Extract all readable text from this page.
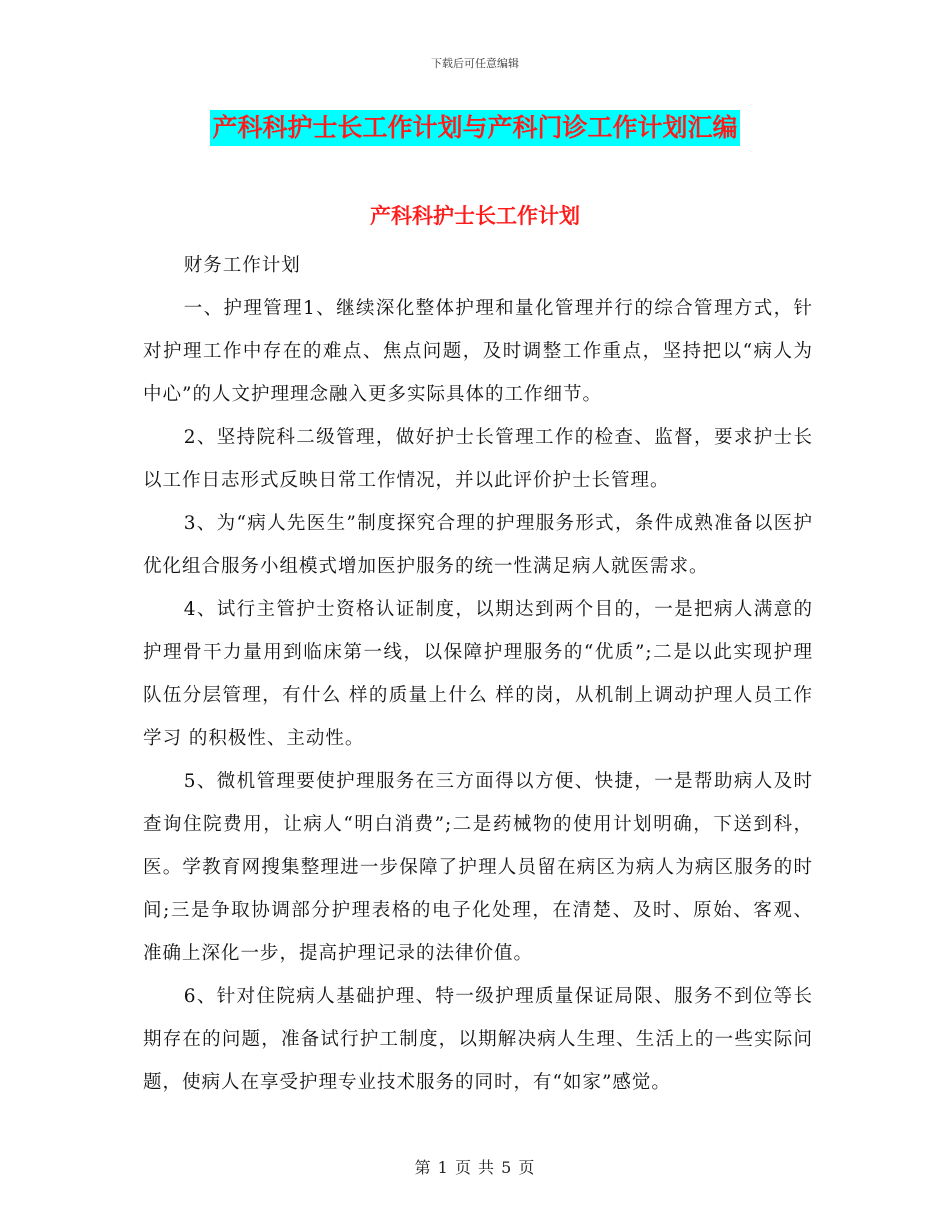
下载后可任意编辑
产科科护士长工作计划与产科门诊工作计划汇编
产科科护士长工作计划

财务工作计划

一、护理管理1、继续深化整体护理和量化管理并行的综合管理方式，针对护理工作中存在的难点、焦点问题，及时调整工作重点，坚持把以“病人为中心”的人文护理理念融入更多实际具体的工作细节。

2、坚持院科二级管理，做好护士长管理工作的检查、监督，要求护士长以工作日志形式反映日常工作情况，并以此评价护士长管理。

3、为“病人先医生”制度探究合理的护理服务形式，条件成熟准备以医护优化组合服务小组模式增加医护服务的统一性满足病人就医需求。

4、试行主管护士资格认证制度，以期达到两个目的，一是把病人满意的护理骨干力量用到临床第一线，以保障护理服务的“优质”;二是以此实现护理队伍分层管理，有什么 样的质量上什么 样的岗，从机制上调动护理人员工作学习 的积极性、主动性。

5、微机管理要使护理服务在三方面得以方便、快捷，一是帮助病人及时查询住院费用，让病人“明白消费”;二是药械物的使用计划明确，下送到科，医。学教育网搜集整理进一步保障了护理人员留在病区为病人为病区服务的时间;三是争取协调部分护理表格的电子化处理，在清楚、及时、原始、客观、准确上深化一步，提高护理记录的法律价值。

6、针对住院病人基础护理、特一级护理质量保证局限、服务不到位等长期存在的问题，准备试行护工制度，以期解决病人生理、生活上的一些实际问题，使病人在享受护理专业技术服务的同时，有“如家”感觉。

第 1 页 共 5 页
